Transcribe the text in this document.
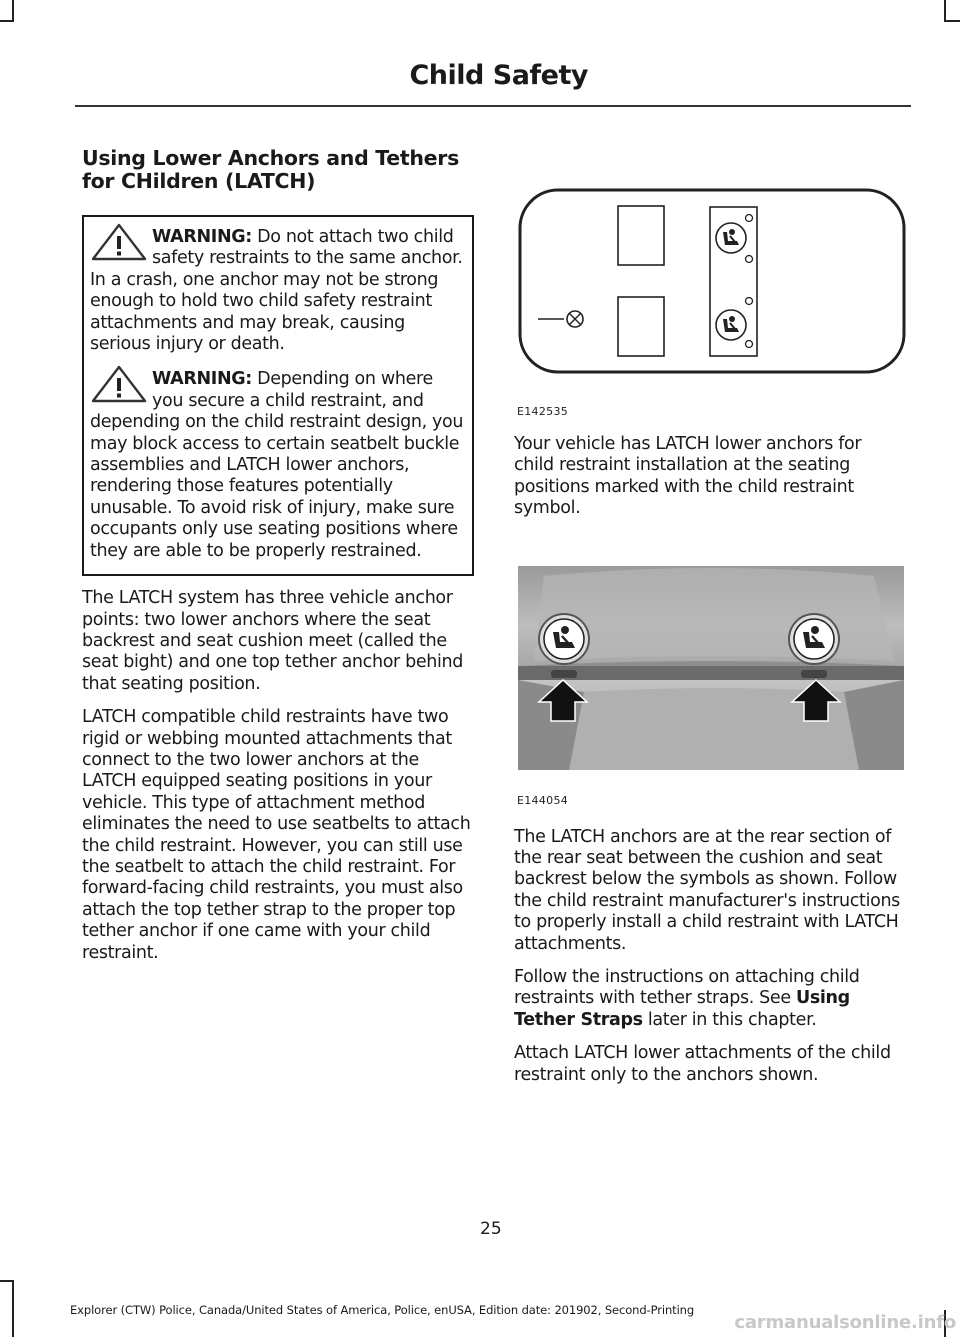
Child Safety
Using Lower Anchors and Tethers for CHildren (LATCH)
WARNING: Do not attach two child safety restraints to the same anchor. In a crash, one anchor may not be strong enough to hold two child safety restraint attachments and may break, causing serious injury or death.
WARNING: Depending on where you secure a child restraint, and depending on the child restraint design, you may block access to certain seatbelt buckle assemblies and LATCH lower anchors, rendering those features potentially unusable. To avoid risk of injury, make sure occupants only use seating positions where they are able to be properly restrained.

The LATCH system has three vehicle anchor points: two lower anchors where the seat backrest and seat cushion meet (called the seat bight) and one top tether anchor behind that seating position.

LATCH compatible child restraints have two rigid or webbing mounted attachments that connect to the two lower anchors at the LATCH equipped seating positions in your vehicle. This type of attachment method eliminates the need to use seatbelts to attach the child restraint. However, you can still use the seatbelt to attach the child restraint. For forward-facing child restraints, you must also attach the top tether strap to the proper top tether anchor if one came with your child restraint.

E142535

Your vehicle has LATCH lower anchors for child restraint installation at the seating positions marked with the child restraint symbol.

E144054

The LATCH anchors are at the rear section of the rear seat between the cushion and seat backrest below the symbols as shown. Follow the child restraint manufacturer's instructions to properly install a child restraint with LATCH attachments.

Follow the instructions on attaching child restraints with tether straps. See Using Tether Straps later in this chapter.

Attach LATCH lower attachments of the child restraint only to the anchors shown.

25
Explorer (CTW) Police, Canada/United States of America, Police, enUSA, Edition date: 201902, Second-Printing
carmanualsonline.info
